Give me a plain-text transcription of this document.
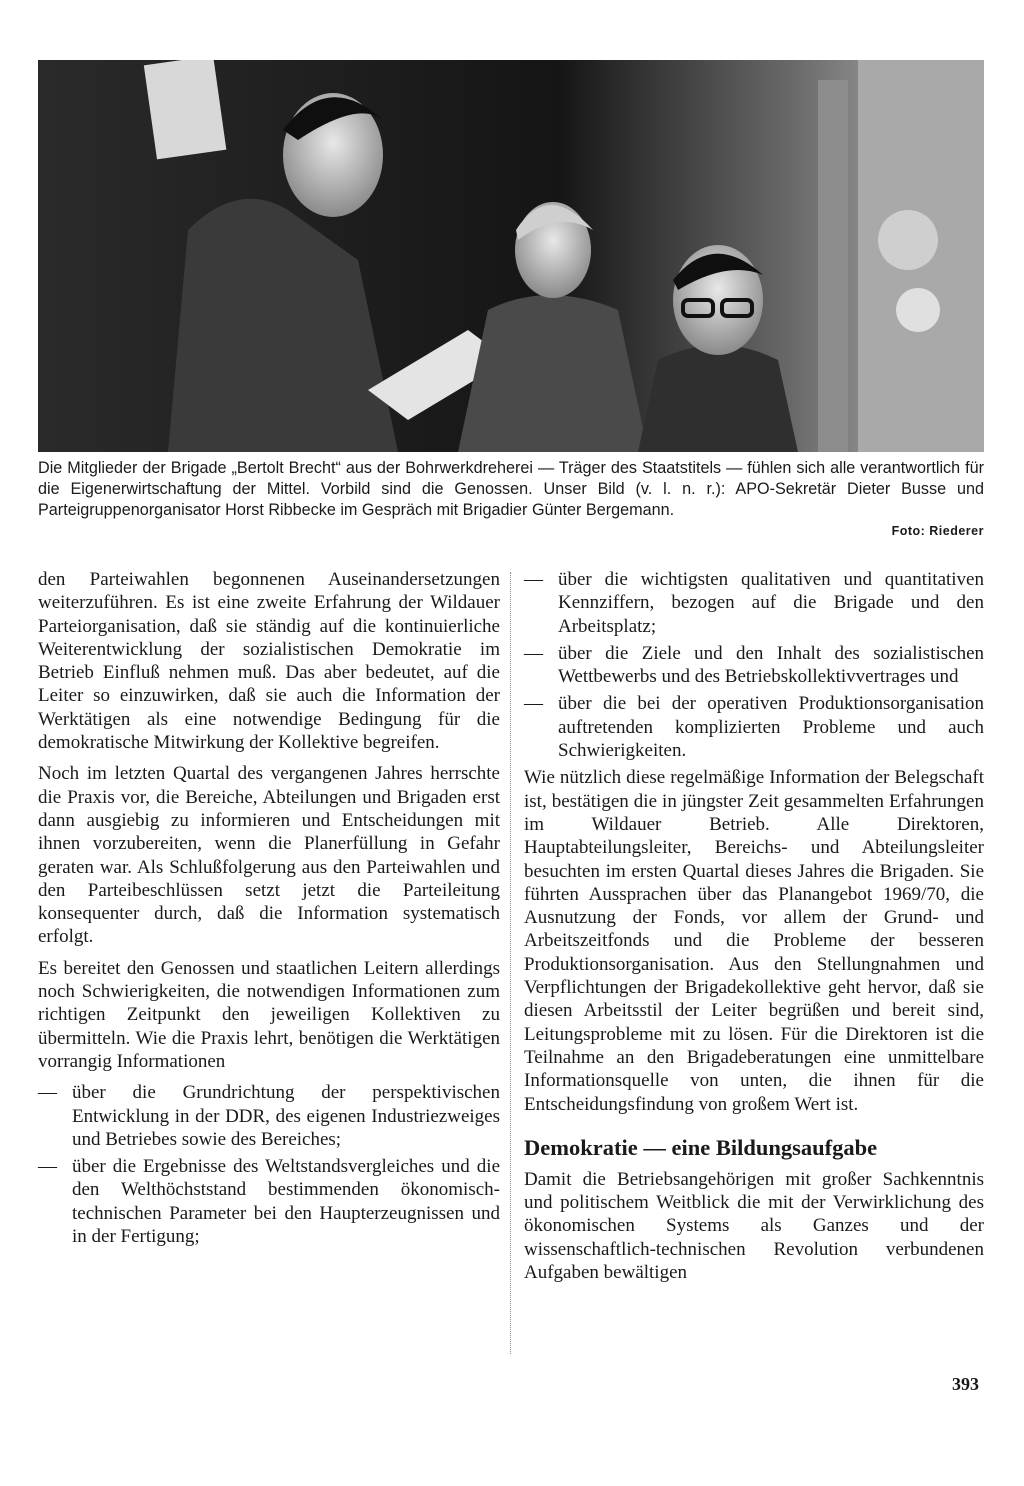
Die Mitglieder der Brigade „Bertolt Brecht“ aus der Bohrwerkdreherei — Träger des Staatstitels — fühlen sich alle verantwortlich für die Eigenerwirtschaftung der Mittel. Vorbild sind die Genossen. Unser Bild (v. l. n. r.): APO-Sekretär Dieter Busse und Parteigruppenorganisator Horst Ribbecke im Gespräch mit Brigadier Günter Bergemann.
Foto: Riederer

den Parteiwahlen begonnenen Auseinandersetzungen weiterzuführen. Es ist eine zweite Erfahrung der Wildauer Parteiorganisation, daß sie ständig auf die kontinuierliche Weiterentwicklung der sozialistischen Demokratie im Betrieb Einfluß nehmen muß. Das aber bedeutet, auf die Leiter so einzuwirken, daß sie auch die Information der Werktätigen als eine notwendige Bedingung für die demokratische Mitwirkung der Kollektive begreifen.

Noch im letzten Quartal des vergangenen Jahres herrschte die Praxis vor, die Bereiche, Abteilungen und Brigaden erst dann ausgiebig zu informieren und Entscheidungen mit ihnen vorzubereiten, wenn die Planerfüllung in Gefahr geraten war. Als Schlußfolgerung aus den Parteiwahlen und den Parteibeschlüssen setzt jetzt die Parteileitung konsequenter durch, daß die Information systematisch erfolgt.

Es bereitet den Genossen und staatlichen Leitern allerdings noch Schwierigkeiten, die notwendigen Informationen zum richtigen Zeitpunkt den jeweiligen Kollektiven zu übermitteln. Wie die Praxis lehrt, benötigen die Werktätigen vorrangig Informationen

— über die Grundrichtung der perspektivischen Entwicklung in der DDR, des eigenen Industriezweiges und Betriebes sowie des Bereiches;
— über die Ergebnisse des Weltstandsvergleiches und die den Welthöchststand bestimmenden ökonomisch-technischen Parameter bei den Haupterzeugnissen und in der Fertigung;
— über die wichtigsten qualitativen und quantitativen Kennziffern, bezogen auf die Brigade und den Arbeitsplatz;
— über die Ziele und den Inhalt des sozialistischen Wettbewerbs und des Betriebskollektivvertrages und
— über die bei der operativen Produktionsorganisation auftretenden komplizierten Probleme und auch Schwierigkeiten.

Wie nützlich diese regelmäßige Information der Belegschaft ist, bestätigen die in jüngster Zeit gesammelten Erfahrungen im Wildauer Betrieb. Alle Direktoren, Hauptabteilungsleiter, Bereichs- und Abteilungsleiter besuchten im ersten Quartal dieses Jahres die Brigaden. Sie führten Aussprachen über das Planangebot 1969/70, die Ausnutzung der Fonds, vor allem der Grund- und Arbeitszeitfonds und die Probleme der besseren Produktionsorganisation. Aus den Stellungnahmen und Verpflichtungen der Brigadekollektive geht hervor, daß sie diesen Arbeitsstil der Leiter begrüßen und bereit sind, Leitungsprobleme mit zu lösen. Für die Direktoren ist die Teilnahme an den Brigadeberatungen eine unmittelbare Informationsquelle von unten, die ihnen für die Entscheidungsfindung von großem Wert ist.

Demokratie — eine Bildungsaufgabe

Damit die Betriebsangehörigen mit großer Sachkenntnis und politischem Weitblick die mit der Verwirklichung des ökonomischen Systems als Ganzes und der wissenschaftlich-technischen Revolution verbundenen Aufgaben bewältigen

393
